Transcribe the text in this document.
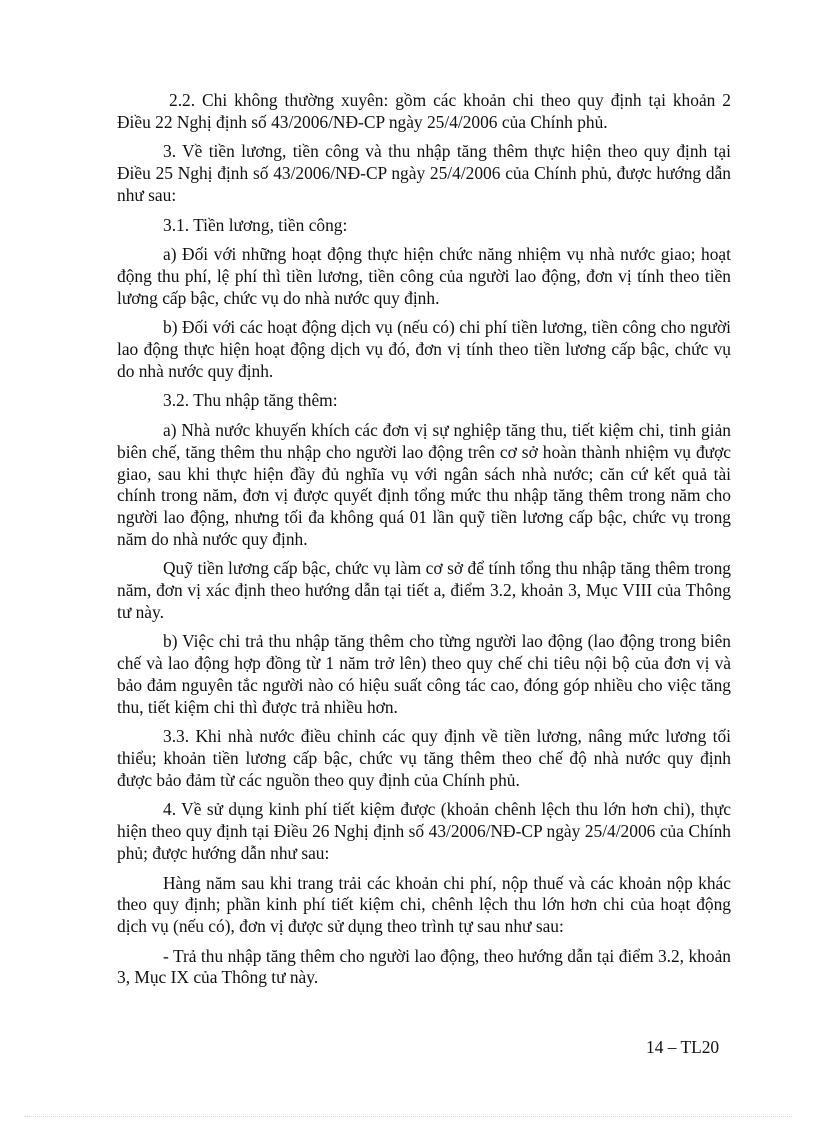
2.2. Chi không thường xuyên: gồm các khoản chi theo quy định tại khoản 2 Điều 22 Nghị định số 43/2006/NĐ-CP ngày 25/4/2006 của Chính phủ.

3. Về tiền lương, tiền công và thu nhập tăng thêm thực hiện theo quy định tại Điều 25 Nghị định số 43/2006/NĐ-CP ngày 25/4/2006 của Chính phủ, được hướng dẫn như sau:

3.1. Tiền lương, tiền công:

a) Đối với những hoạt động thực hiện chức năng nhiệm vụ nhà nước giao; hoạt động thu phí, lệ phí thì tiền lương, tiền công của người lao động, đơn vị tính theo tiền lương cấp bậc, chức vụ do nhà nước quy định.

b) Đối với các hoạt động dịch vụ (nếu có) chi phí tiền lương, tiền công cho người lao động thực hiện hoạt động dịch vụ đó, đơn vị tính theo tiền lương cấp bậc, chức vụ do nhà nước quy định.

3.2. Thu nhập tăng thêm:

a) Nhà nước khuyến khích các đơn vị sự nghiệp tăng thu, tiết kiệm chi, tinh giản biên chế, tăng thêm thu nhập cho người lao động trên cơ sở hoàn thành nhiệm vụ được giao, sau khi thực hiện đầy đủ nghĩa vụ với ngân sách nhà nước; căn cứ kết quả tài chính trong năm, đơn vị được quyết định tổng mức thu nhập tăng thêm trong năm cho người lao động, nhưng tối đa không quá 01 lần quỹ tiền lương cấp bậc, chức vụ trong năm do nhà nước quy định.

Quỹ tiền lương cấp bậc, chức vụ làm cơ sở để tính tổng thu nhập tăng thêm trong năm, đơn vị xác định theo hướng dẫn tại tiết a, điểm 3.2, khoản 3, Mục VIII của Thông tư này.

b) Việc chi trả thu nhập tăng thêm cho từng người lao động (lao động trong biên chế và lao động hợp đồng từ 1 năm trở lên) theo quy chế chi tiêu nội bộ của đơn vị và bảo đảm nguyên tắc người nào có hiệu suất công tác cao, đóng góp nhiều cho việc tăng thu, tiết kiệm chi thì được trả nhiều hơn.

3.3. Khi nhà nước điều chỉnh các quy định về tiền lương, nâng mức lương tối thiểu; khoản tiền lương cấp bậc, chức vụ tăng thêm theo chế độ nhà nước quy định được bảo đảm từ các nguồn theo quy định của Chính phủ.

4. Về sử dụng kinh phí tiết kiệm được (khoản chênh lệch thu lớn hơn chi), thực hiện theo quy định tại Điều 26 Nghị định số 43/2006/NĐ-CP ngày 25/4/2006 của Chính phủ; được hướng dẫn như sau:

Hàng năm sau khi trang trải các khoản chi phí, nộp thuế và các khoản nộp khác theo quy định; phần kinh phí tiết kiệm chi, chênh lệch thu lớn hơn chi của hoạt động dịch vụ (nếu có), đơn vị được sử dụng theo trình tự sau như sau:

- Trả thu nhập tăng thêm cho người lao động, theo hướng dẫn tại điểm 3.2, khoản 3, Mục IX của Thông tư này.

14 – TL20
